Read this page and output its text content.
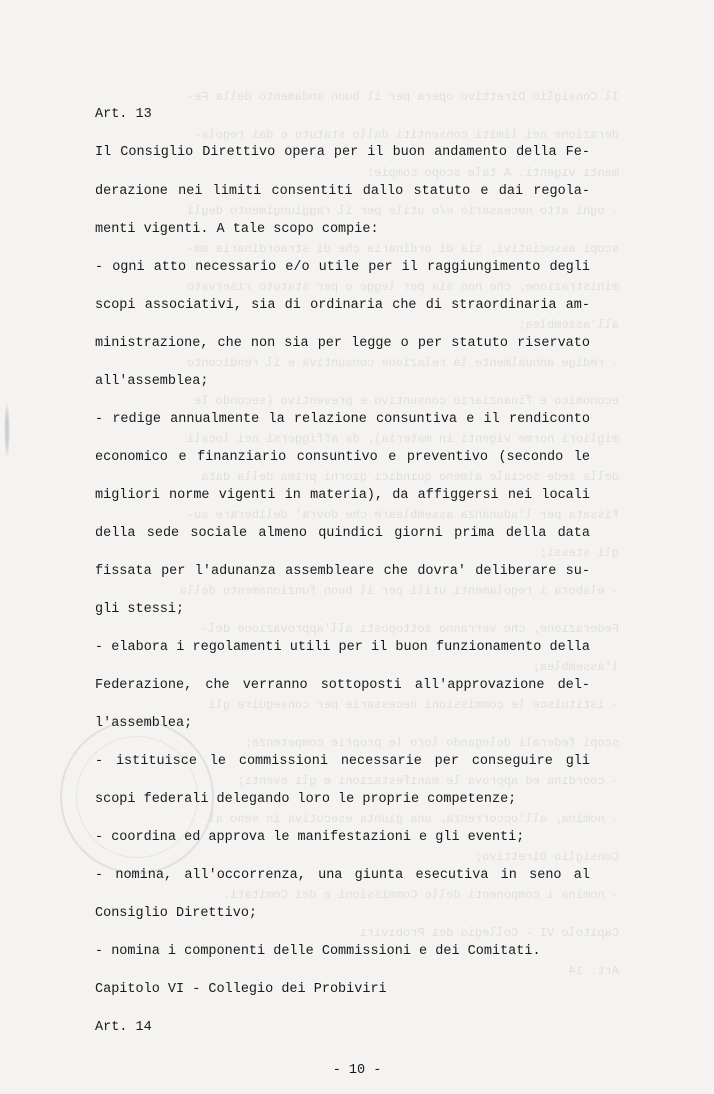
Il Consiglio Direttivo opera per il buon andamento della Fe-
derazione nei limiti consentiti dallo statuto e dai regola-
menti vigenti. A tale scopo compie:
- ogni atto necessario e/o utile per il raggiungimento degli
scopi associativi, sia di ordinaria che di straordinaria am-
ministrazione, che non sia per legge o per statuto riservato
all'assemblea;
- redige annualmente la relazione consuntiva e il rendiconto
economico e finanziario consuntivo e preventivo (secondo le
migliori norme vigenti in materia), da affiggersi nei locali
della sede sociale almeno quindici giorni prima della data
fissata per l'adunanza assembleare che dovra' deliberare su-
gli stessi;
- elabora i regolamenti utili per il buon funzionamento della
Federazione, che verranno sottoposti all'approvazione del-
l'assemblea;
- istituisce le commissioni necessarie per conseguire gli
scopi federali delegando loro le proprie competenze;
- coordina ed approva le manifestazioni e gli eventi;
- nomina, all'occorrenza, una giunta esecutiva in seno al
Consiglio Direttivo;
- nomina i componenti delle Commissioni e dei Comitati.
Capitolo VI - Collegio dei Probiviri
Art. 14
Art. 13
Il Consiglio Direttivo opera per il buon andamento della Fe-
derazione nei limiti consentiti dallo statuto e dai regola-
menti vigenti. A tale scopo compie:
- ogni atto necessario e/o utile per il raggiungimento degli
scopi associativi, sia di ordinaria che di straordinaria am-
ministrazione, che non sia per legge o per statuto riservato
all'assemblea;
- redige annualmente la relazione consuntiva e il rendiconto
economico e finanziario consuntivo e preventivo (secondo le
migliori norme vigenti in materia), da affiggersi nei locali
della sede sociale almeno quindici giorni prima della data
fissata per l'adunanza assembleare che dovra' deliberare su-
gli stessi;
- elabora i regolamenti utili per il buon funzionamento della
Federazione, che verranno sottoposti all'approvazione del-
l'assemblea;
- istituisce le commissioni necessarie per conseguire gli
scopi federali delegando loro le proprie competenze;
- coordina ed approva le manifestazioni e gli eventi;
- nomina, all'occorrenza, una giunta esecutiva in seno al
Consiglio Direttivo;
- nomina i componenti delle Commissioni e dei Comitati.
Capitolo VI - Collegio dei Probiviri
Art. 14
- 10 -
